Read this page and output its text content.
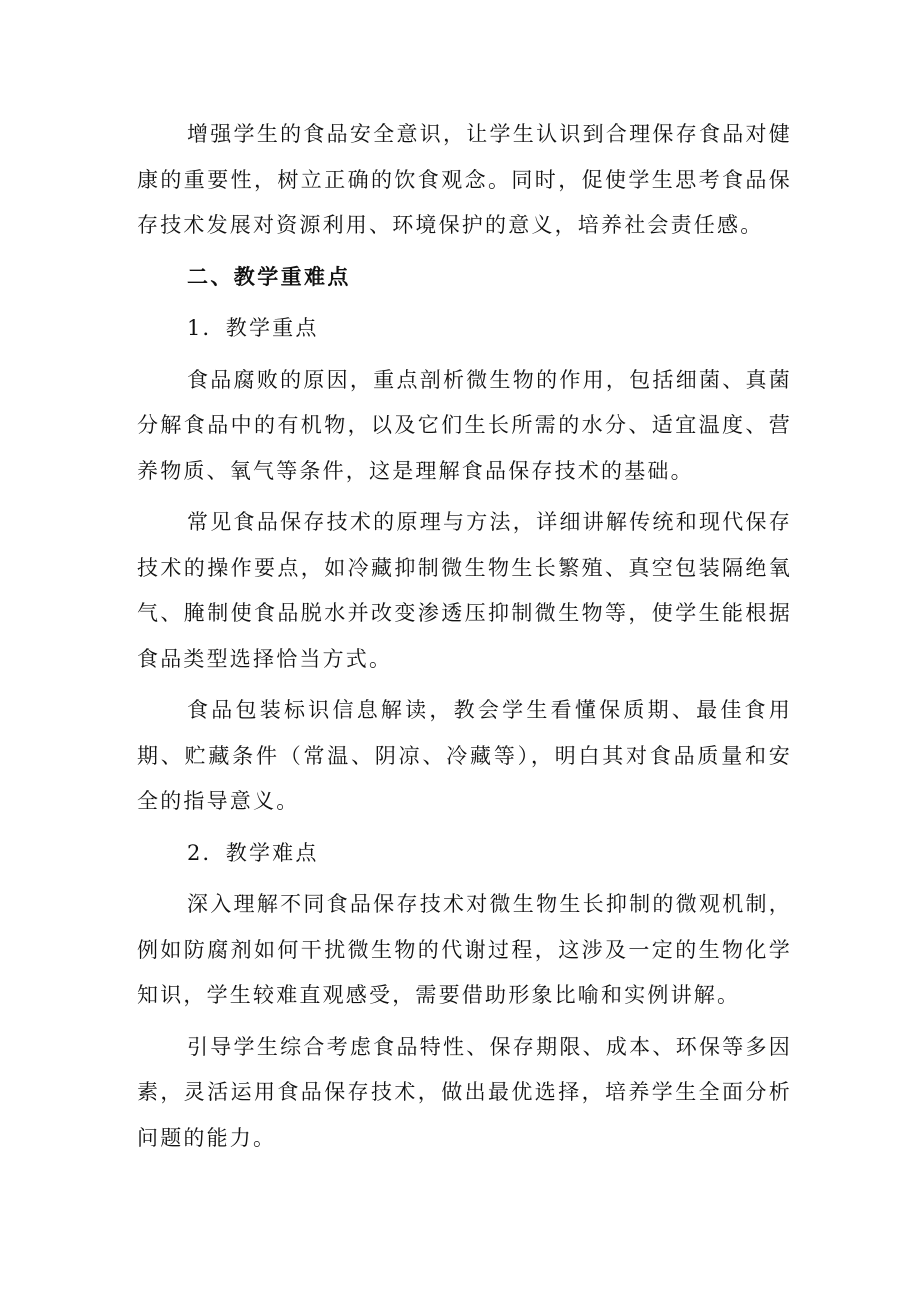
增强学生的食品安全意识，让学生认识到合理保存食品对健康的重要性，树立正确的饮食观念。同时，促使学生思考食品保存技术发展对资源利用、环境保护的意义，培养社会责任感。

二、教学重难点

1．教学重点

食品腐败的原因，重点剖析微生物的作用，包括细菌、真菌分解食品中的有机物，以及它们生长所需的水分、适宜温度、营养物质、氧气等条件，这是理解食品保存技术的基础。

常见食品保存技术的原理与方法，详细讲解传统和现代保存技术的操作要点，如冷藏抑制微生物生长繁殖、真空包装隔绝氧气、腌制使食品脱水并改变渗透压抑制微生物等，使学生能根据食品类型选择恰当方式。

食品包装标识信息解读，教会学生看懂保质期、最佳食用期、贮藏条件（常温、阴凉、冷藏等），明白其对食品质量和安全的指导意义。

2．教学难点

深入理解不同食品保存技术对微生物生长抑制的微观机制，例如防腐剂如何干扰微生物的代谢过程，这涉及一定的生物化学知识，学生较难直观感受，需要借助形象比喻和实例讲解。

引导学生综合考虑食品特性、保存期限、成本、环保等多因素，灵活运用食品保存技术，做出最优选择，培养学生全面分析问题的能力。
